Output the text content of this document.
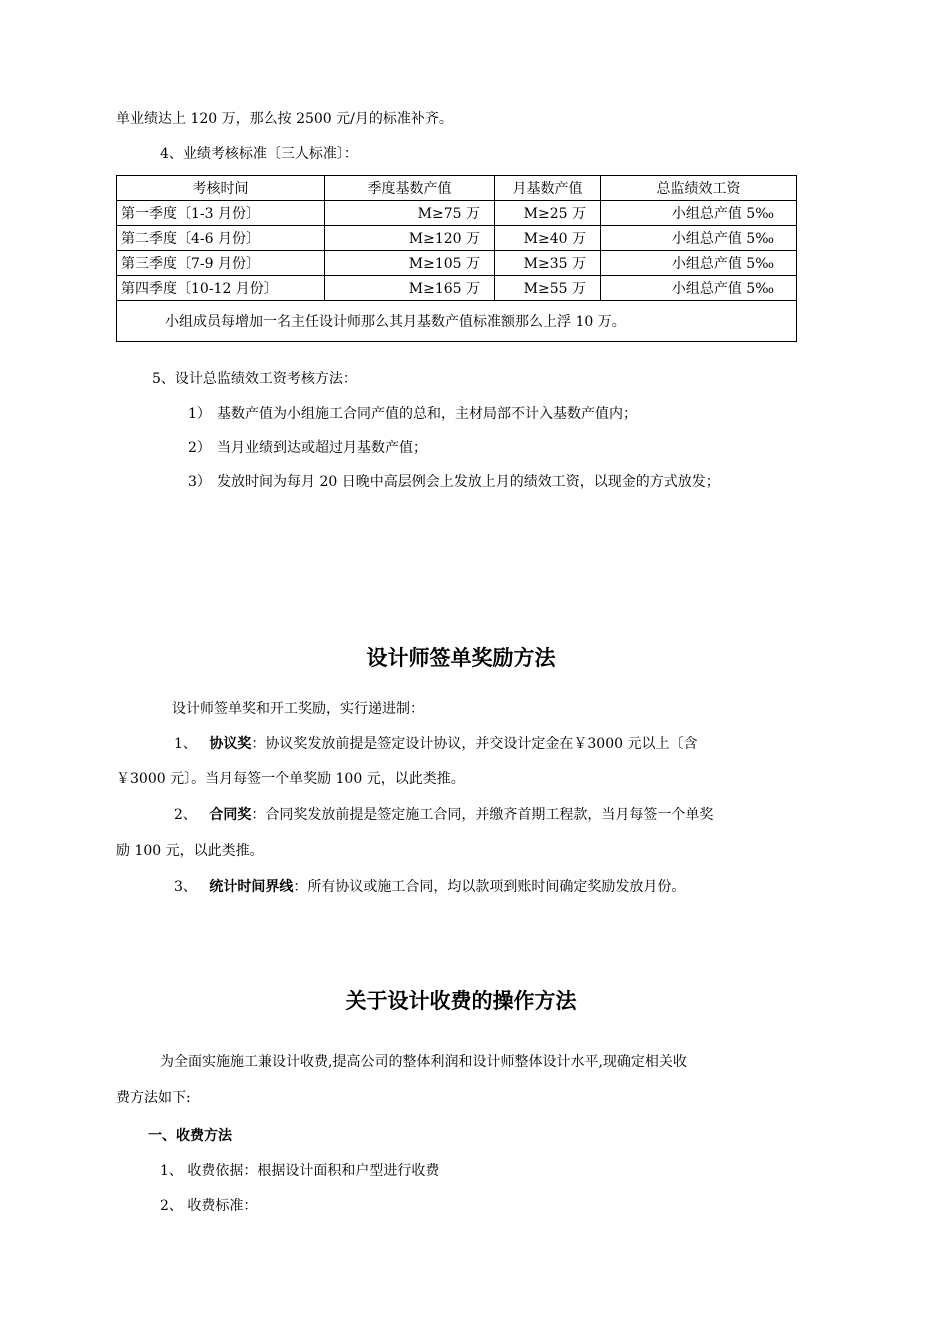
单业绩达上 120 万，那么按 2500 元/月的标准补齐。
4、业绩考核标准〔三人标准〕：
考核时间	季度基数产值	月基数产值	总监绩效工资
第一季度〔1-3 月份〕	M≥75 万	M≥25 万	小组总产值 5‰
第二季度〔4-6 月份〕	M≥120 万	M≥40 万	小组总产值 5‰
第三季度〔7-9 月份〕	M≥105 万	M≥35 万	小组总产值 5‰
第四季度〔10-12 月份〕	M≥165 万	M≥55 万	小组总产值 5‰
小组成员每增加一名主任设计师那么其月基数产值标准额那么上浮 10 万。			
5、设计总监绩效工资考核方法：
1） 基数产值为小组施工合同产值的总和，主材局部不计入基数产值内；
2） 当月业绩到达或超过月基数产值；
3） 发放时间为每月 20 日晚中高层例会上发放上月的绩效工资，以现金的方式放发；
设计师签单奖励方法
设计师签单奖和开工奖励，实行递进制：
1、 协议奖：协议奖发放前提是签定设计协议，并交设计定金在￥3000 元以上〔含
￥3000 元〕。当月每签一个单奖励 100 元，以此类推。
2、 合同奖：合同奖发放前提是签定施工合同，并缴齐首期工程款，当月每签一个单奖
励 100 元，以此类推。
3、 统计时间界线：所有协议或施工合同，均以款项到账时间确定奖励发放月份。
关于设计收费的操作方法
为全面实施施工兼设计收费,提高公司的整体利润和设计师整体设计水平,现确定相关收
费方法如下:
一、收费方法
1、 收费依据：根据设计面积和户型进行收费
2、 收费标准：
